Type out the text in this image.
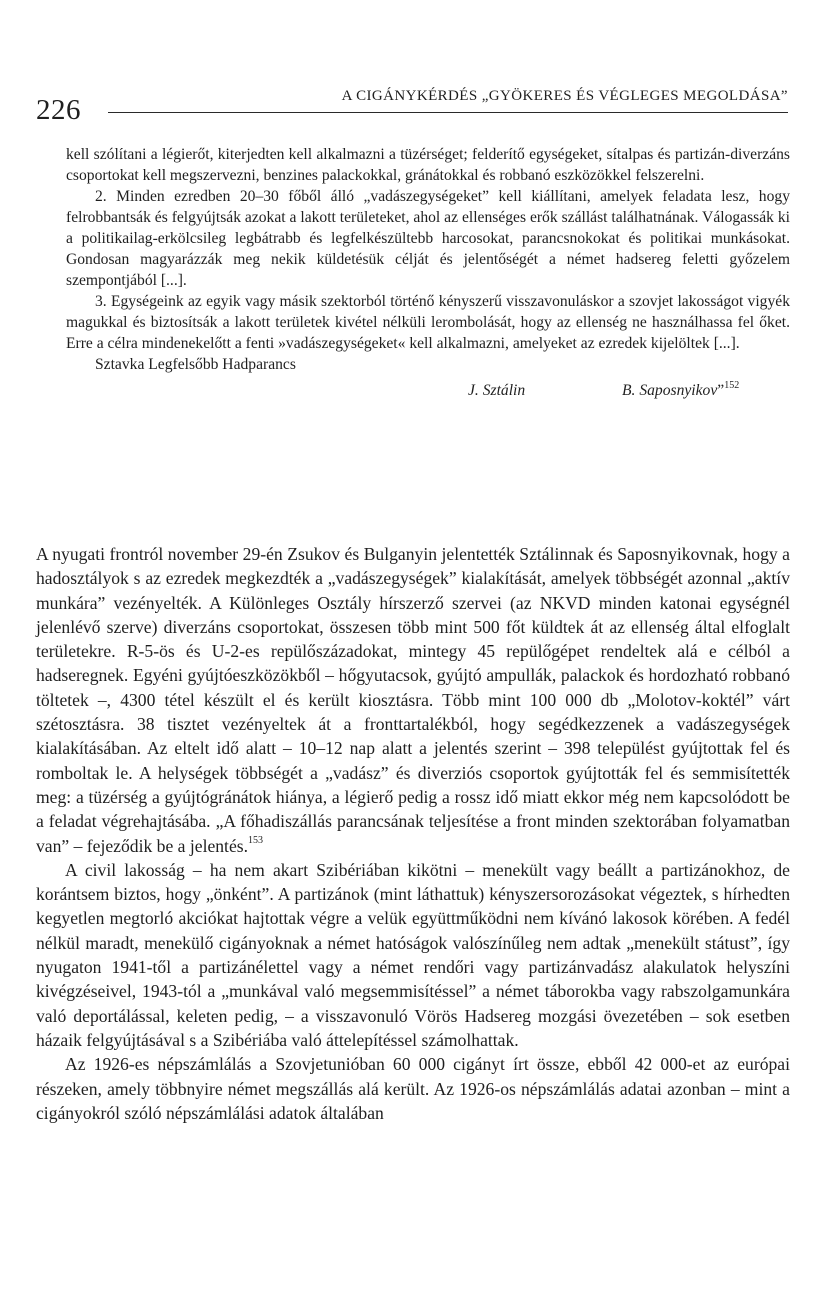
226	A CIGÁNYKÉRDÉS „GYÖKERES ÉS VÉGLEGES MEGOLDÁSA”

kell szólítani a légierőt, kiterjedten kell alkalmazni a tüzérséget; felderítő egységeket, sítalpas és partizán-diverzáns csoportokat kell megszervezni, benzines palackokkal, gránátokkal és robbanó eszközökkel felszerelni.

2. Minden ezredben 20–30 főből álló „vadászegységeket” kell kiállítani, amelyek feladata lesz, hogy felrobbantsák és felgyújtsák azokat a lakott területeket, ahol az ellenséges erők szállást találhatnának. Válogassák ki a politikailag-erkölcsileg legbátrabb és legfelkészültebb harcosokat, parancsnokokat és politikai munkásokat. Gondosan magyarázzák meg nekik küldetésük célját és jelentőségét a német hadsereg feletti győzelem szempontjából [...].

3. Egységeink az egyik vagy másik szektorból történő kényszerű visszavonuláskor a szovjet lakosságot vigyék magukkal és biztosítsák a lakott területek kivétel nélküli lerombolását, hogy az ellenség ne használhassa fel őket. Erre a célra mindenekelőtt a fenti »vadászegységeket« kell alkalmazni, amelyeket az ezredek kijelöltek [...].

Sztavka Legfelsőbb Hadparancs

J. Sztálin	B. Saposnyikov”$^{152}$

A nyugati frontról november 29-én Zsukov és Bulganyin jelentették Sztálinnak és Saposnyikovnak, hogy a hadosztályok s az ezredek megkezdték a „vadászegységek” kialakítását, amelyek többségét azonnal „aktív munkára” vezényelték. A Különleges Osztály hírszerző szervei (az NKVD minden katonai egységnél jelenlévő szerve) diverzáns csoportokat, összesen több mint 500 főt küldtek át az ellenség által elfoglalt területekre. R-5-ös és U-2-es repülőszázadokat, mintegy 45 repülőgépet rendeltek alá e célból a hadseregnek. Egyéni gyújtóeszközökből – hőgyutacsok, gyújtó ampullák, palackok és hordozható robbanó töltetek –, 4300 tétel készült el és került kiosztásra. Több mint 100 000 db „Molotov-koktél” várt szétosztásra. 38 tisztet vezényeltek át a fronttartalékból, hogy segédkezzenek a vadászegységek kialakításában. Az eltelt idő alatt – 10–12 nap alatt a jelentés szerint – 398 települést gyújtottak fel és romboltak le. A helységek többségét a „vadász” és diverziós csoportok gyújtották fel és semmisítették meg: a tüzérség a gyújtógránátok hiánya, a légierő pedig a rossz idő miatt ekkor még nem kapcsolódott be a feladat végrehajtásába. „A főhadiszállás parancsának teljesítése a front minden szektorában folyamatban van” – fejeződik be a jelentés.$^{153}$

A civil lakosság – ha nem akart Szibériában kikötni – menekült vagy beállt a partizánokhoz, de korántsem biztos, hogy „önként”. A partizánok (mint láthattuk) kényszersorozásokat végeztek, s hírhedten kegyetlen megtorló akciókat hajtottak végre a velük együttműködni nem kívánó lakosok körében. A fedél nélkül maradt, menekülő cigányoknak a német hatóságok valószínűleg nem adtak „menekült státust”, így nyugaton 1941-től a partizánélettel vagy a német rendőri vagy partizánvadász alakulatok helyszíni kivégzéseivel, 1943-tól a „munkával való megsemmisítéssel” a német táborokba vagy rabszolgamunkára való deportálással, keleten pedig, – a visszavonuló Vörös Hadsereg mozgási övezetében – sok esetben házaik felgyújtásával s a Szibériába való áttelepítéssel számolhattak.

Az 1926-es népszámlálás a Szovjetunióban 60 000 cigányt írt össze, ebből 42 000-et az európai részeken, amely többnyire német megszállás alá került. Az 1926-os népszámlálás adatai azonban – mint a cigányokról szóló népszámlálási adatok általában
